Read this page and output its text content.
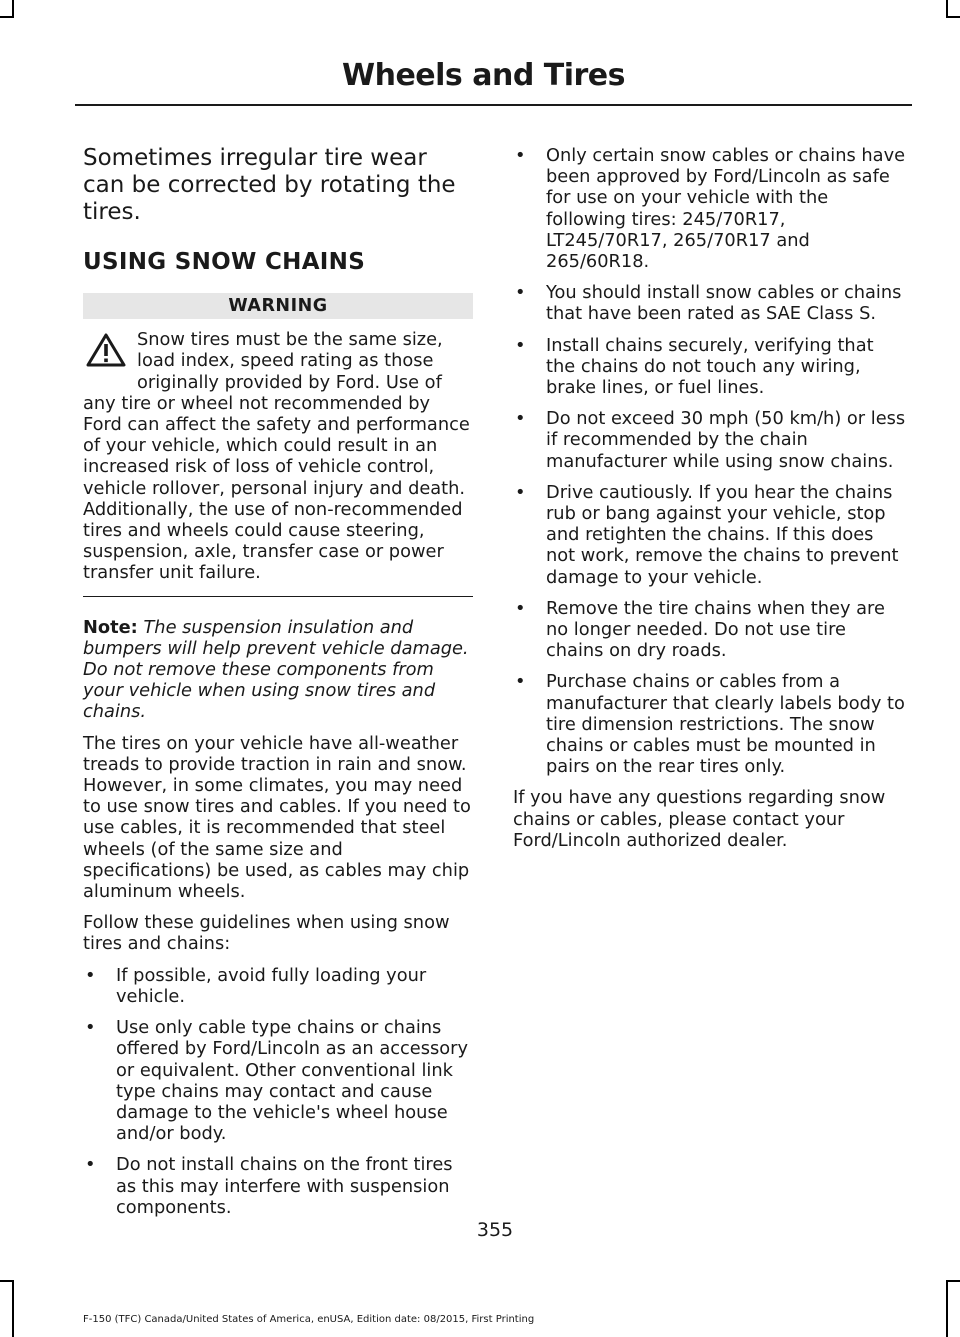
Wheels and Tires

Sometimes irregular tire wear can be corrected by rotating the tires.

USING SNOW CHAINS
WARNING

Snow tires must be the same size, load index, speed rating as those originally provided by Ford. Use of any tire or wheel not recommended by Ford can affect the safety and performance of your vehicle, which could result in an increased risk of loss of vehicle control, vehicle rollover, personal injury and death. Additionally, the use of non-recommended tires and wheels could cause steering, suspension, axle, transfer case or power transfer unit failure.

Note: The suspension insulation and bumpers will help prevent vehicle damage. Do not remove these components from your vehicle when using snow tires and chains.

The tires on your vehicle have all-weather treads to provide traction in rain and snow. However, in some climates, you may need to use snow tires and cables. If you need to use cables, it is recommended that steel wheels (of the same size and specifications) be used, as cables may chip aluminum wheels.

Follow these guidelines when using snow tires and chains:

• If possible, avoid fully loading your vehicle.
• Use only cable type chains or chains offered by Ford/Lincoln as an accessory or equivalent. Other conventional link type chains may contact and cause damage to the vehicle's wheel house and/or body.
• Do not install chains on the front tires as this may interfere with suspension components.
• Only certain snow cables or chains have been approved by Ford/Lincoln as safe for use on your vehicle with the following tires: 245/70R17, LT245/70R17, 265/70R17 and 265/60R18.
• You should install snow cables or chains that have been rated as SAE Class S.
• Install chains securely, verifying that the chains do not touch any wiring, brake lines, or fuel lines.
• Do not exceed 30 mph (50 km/h) or less if recommended by the chain manufacturer while using snow chains.
• Drive cautiously. If you hear the chains rub or bang against your vehicle, stop and retighten the chains. If this does not work, remove the chains to prevent damage to your vehicle.
• Remove the tire chains when they are no longer needed. Do not use tire chains on dry roads.
• Purchase chains or cables from a manufacturer that clearly labels body to tire dimension restrictions. The snow chains or cables must be mounted in pairs on the rear tires only.

If you have any questions regarding snow chains or cables, please contact your Ford/Lincoln authorized dealer.

355
F-150 (TFC) Canada/United States of America, enUSA, Edition date: 08/2015, First Printing
